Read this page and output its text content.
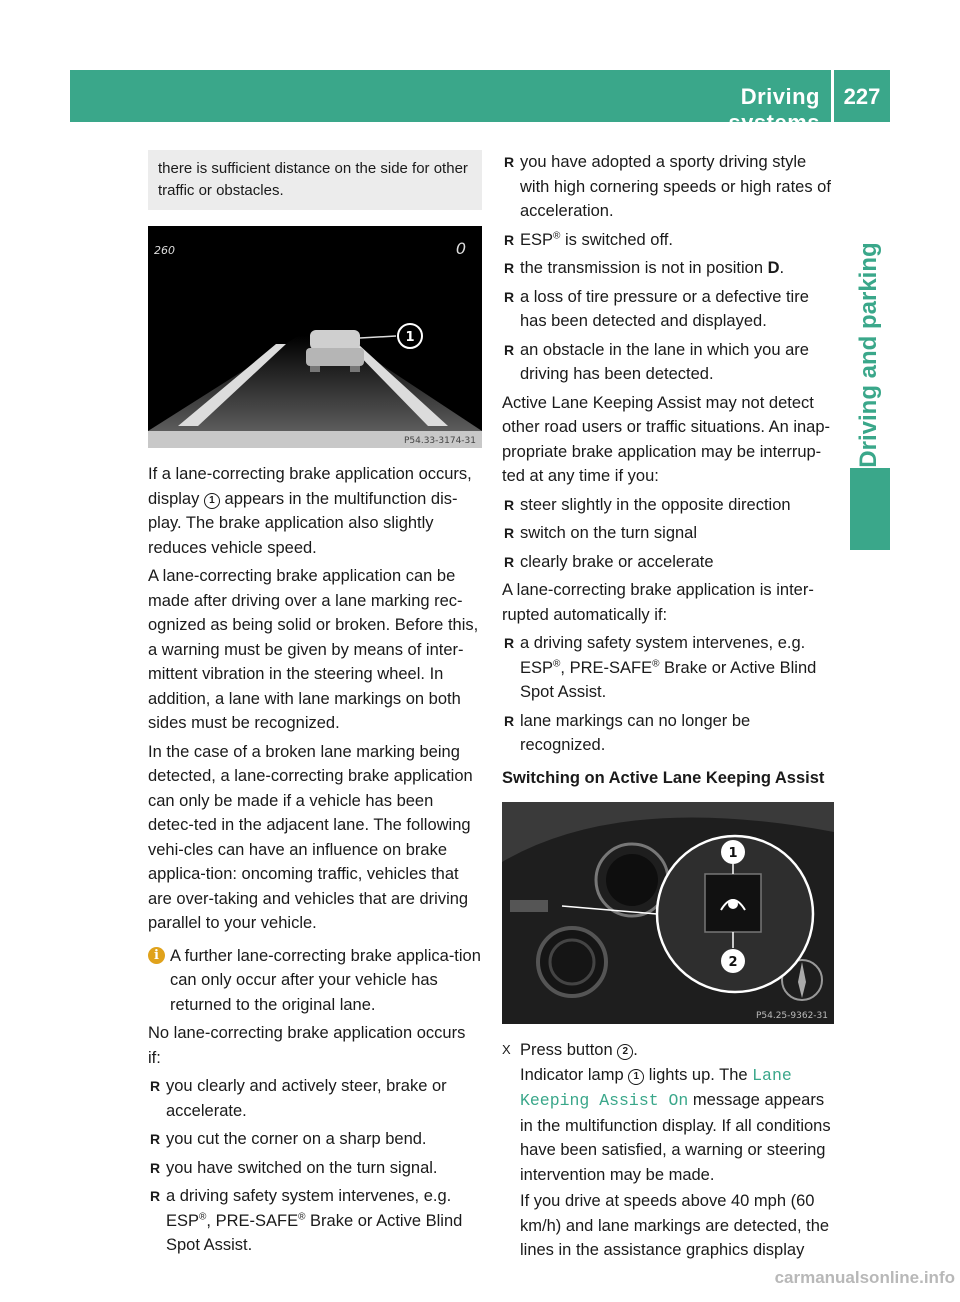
Driving systems
227
Driving and parking
there is sufficient distance on the side for other traffic or obstacles.
1
260	0
P54.33-3174-31

If a lane-correcting brake application occurs, display 1 appears in the multifunction dis-play. The brake application also slightly reduces vehicle speed.

A lane-correcting brake application can be made after driving over a lane marking rec-ognized as being solid or broken. Before this, a warning must be given by means of inter-mittent vibration in the steering wheel. In addition, a lane with lane markings on both sides must be recognized.

In the case of a broken lane marking being detected, a lane-correcting brake application can only be made if a vehicle has been detec-ted in the adjacent lane. The following vehi-cles can have an influence on brake applica-tion: oncoming traffic, vehicles that are over-taking and vehicles that are driving parallel to your vehicle.

i A further lane-correcting brake applica-tion can only occur after your vehicle has returned to the original lane.

No lane-correcting brake application occurs if:

R you clearly and actively steer, brake or accelerate.
R you cut the corner on a sharp bend.
R you have switched on the turn signal.
R a driving safety system intervenes, e.g. ESP®, PRE-SAFE® Brake or Active Blind Spot Assist.
R you have adopted a sporty driving style with high cornering speeds or high rates of acceleration.
R ESP® is switched off.
R the transmission is not in position D.
R a loss of tire pressure or a defective tire has been detected and displayed.
R an obstacle in the lane in which you are driving has been detected.

Active Lane Keeping Assist may not detect other road users or traffic situations. An inap-propriate brake application may be interrup-ted at any time if you:

R steer slightly in the opposite direction
R switch on the turn signal
R clearly brake or accelerate

A lane-correcting brake application is inter-rupted automatically if:

R a driving safety system intervenes, e.g. ESP®, PRE-SAFE® Brake or Active Blind Spot Assist.
R lane markings can no longer be recognized.
Switching on Active Lane Keeping Assist
1
2
P54.25-9362-31
X Press button 2 .
Indicator lamp 1 lights up. The Lane Keeping Assist On message appears in the multifunction display. If all conditions have been satisfied, a warning or steering intervention may be made.

If you drive at speeds above 40 mph (60 km/h) and lane markings are detected, the lines in the assistance graphics display

carmanualsonline.info
